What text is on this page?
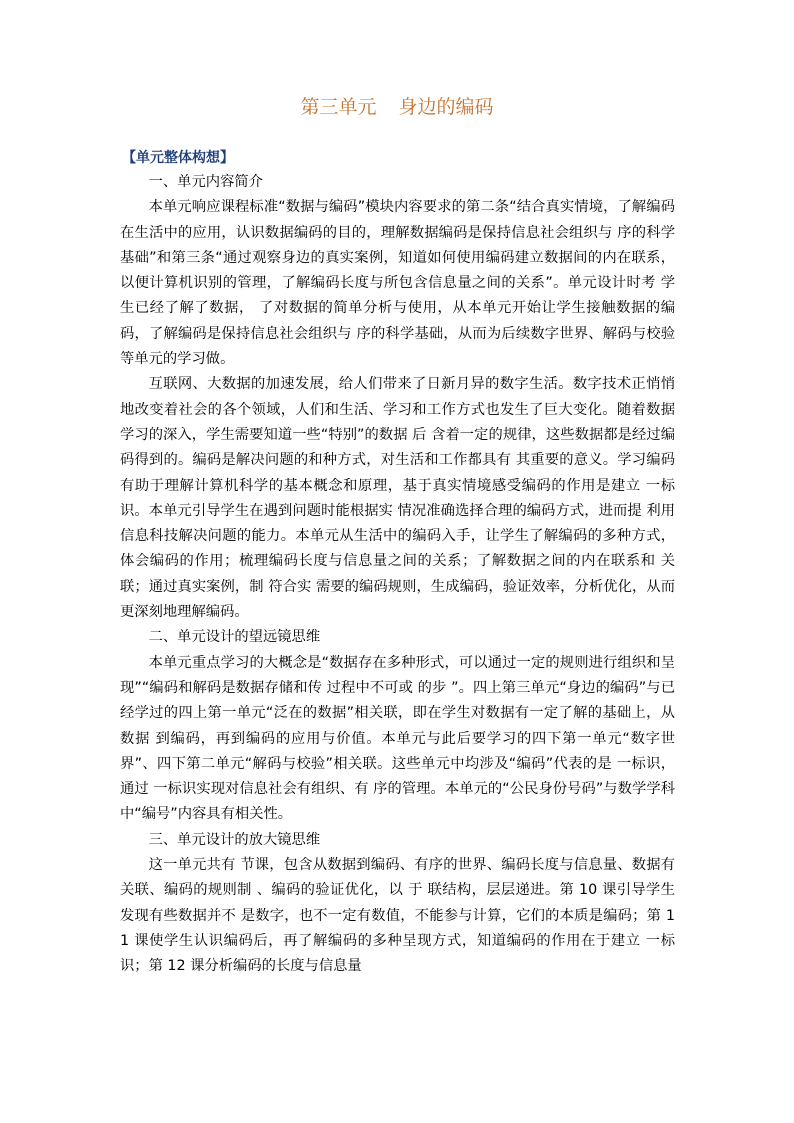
第三单元 身边的编码
【单元整体构想】

一、单元内容简介

本单元响应课程标准“数据与编码”模块内容要求的第二条“结合真实情境，了解编码在生活中的应用，认识数据编码的目的，理解数据编码是保持信息社会组织与 序的科学基础”和第三条“通过观察身边的真实案例，知道如何使用编码建立数据间的内在联系，以便计算机识别的管理，了解编码长度与所包含信息量之间的关系”。单元设计时考 学生已经了解了数据， 了对数据的简单分析与使用，从本单元开始让学生接触数据的编码，了解编码是保持信息社会组织与 序的科学基础，从而为后续数字世界、解码与校验等单元的学习做。

互联网、大数据的加速发展，给人们带来了日新月异的数字生活。数字技术正悄悄地改变着社会的各个领域，人们和生活、学习和工作方式也发生了巨大变化。随着数据学习的深入，学生需要知道一些“特别”的数据 后 含着一定的规律，这些数据都是经过编码得到的。编码是解决问题的和种方式，对生活和工作都具有 其重要的意义。学习编码有助于理解计算机科学的基本概念和原理，基于真实情境感受编码的作用是建立 一标识。本单元引导学生在遇到问题时能根据实 情况准确选择合理的编码方式，进而提 利用信息科技解决问题的能力。本单元从生活中的编码入手，让学生了解编码的多种方式，体会编码的作用；梳理编码长度与信息量之间的关系；了解数据之间的内在联系和 关联；通过真实案例，制 符合实 需要的编码规则，生成编码，验证效率，分析优化，从而更深刻地理解编码。

二、单元设计的望远镜思维

本单元重点学习的大概念是“数据存在多种形式，可以通过一定的规则进行组织和呈现”“编码和解码是数据存储和传 过程中不可或 的步 ”。四上第三单元“身边的编码”与已经学过的四上第一单元“泛在的数据”相关联，即在学生对数据有一定了解的基础上，从数据 到编码，再到编码的应用与价值。本单元与此后要学习的四下第一单元“数字世界”、四下第二单元“解码与校验”相关联。这些单元中均涉及“编码”代表的是 一标识，通过 一标识实现对信息社会有组织、有 序的管理。本单元的“公民身份号码”与数学学科中“编号”内容具有相关性。

三、单元设计的放大镜思维

这一单元共有 节课，包含从数据到编码、有序的世界、编码长度与信息量、数据有关联、编码的规则制 、编码的验证优化，以 于 联结构，层层递进。第 10 课引导学生发现有些数据并不 是数字，也不一定有数值，不能参与计算，它们的本质是编码；第 11 课使学生认识编码后，再了解编码的多种呈现方式，知道编码的作用在于建立 一标识；第 12 课分析编码的长度与信息量
